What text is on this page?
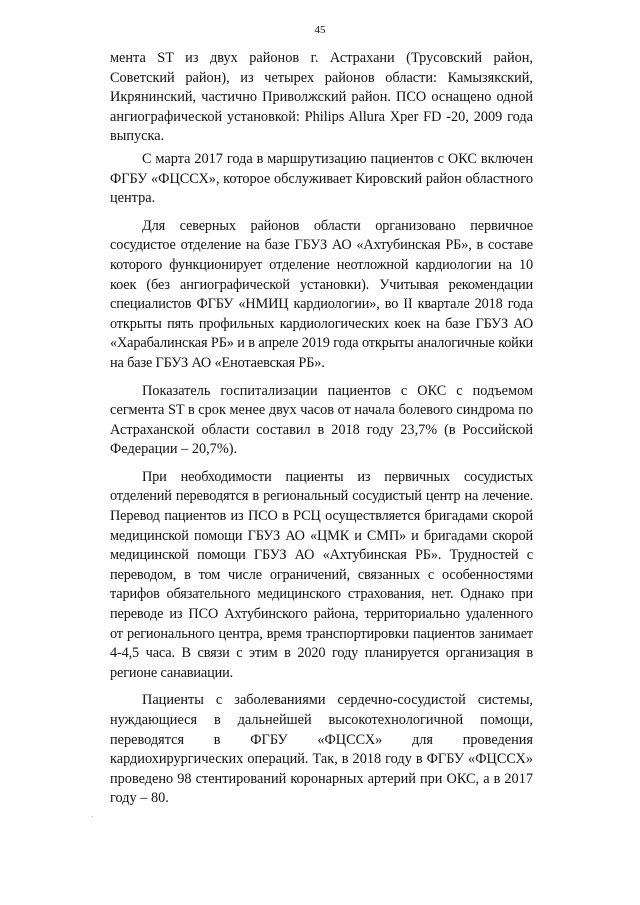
45

мента ST из двух районов г. Астрахани (Трусовский район, Советский район), из четырех районов области: Камызякский, Икрянинский, частично Приволжский район. ПСО оснащено одной ангиографической установкой: Philips Allura Xper FD -20, 2009 года выпуска.

С марта 2017 года в маршрутизацию пациентов с ОКС включен ФГБУ «ФЦССХ», которое обслуживает Кировский район областного центра.

Для северных районов области организовано первичное сосудистое отделение на базе ГБУЗ АО «Ахтубинская РБ», в составе которого функционирует отделение неотложной кардиологии на 10 коек (без ангиографической установки). Учитывая рекомендации специалистов ФГБУ «НМИЦ кардиологии», во II квартале 2018 года открыты пять профильных кардиологических коек на базе ГБУЗ АО «Харабалинская РБ» и в апреле 2019 года открыты аналогичные койки на базе ГБУЗ АО «Енотаевская РБ».

Показатель госпитализации пациентов с ОКС с подъемом сегмента ST в срок менее двух часов от начала болевого синдрома по Астраханской области составил в 2018 году 23,7% (в Российской Федерации – 20,7%).

При необходимости пациенты из первичных сосудистых отделений переводятся в региональный сосудистый центр на лечение. Перевод пациентов из ПСО в РСЦ осуществляется бригадами скорой медицинской помощи ГБУЗ АО «ЦМК и СМП» и бригадами скорой медицинской помощи ГБУЗ АО «Ахтубинская РБ». Трудностей с переводом, в том числе ограничений, связанных с особенностями тарифов обязательного медицинского страхования, нет. Однако при переводе из ПСО Ахтубинского района, территориально удаленного от регионального центра, время транспортировки пациентов занимает 4-4,5 часа. В связи с этим в 2020 году планируется организация в регионе санавиации.

Пациенты с заболеваниями сердечно-сосудистой системы, нуждающиеся в дальнейшей высокотехнологичной помощи, переводятся в ФГБУ «ФЦССХ» для проведения кардиохирургических операций. Так, в 2018 году в ФГБУ «ФЦССХ» проведено 98 стентирований коронарных артерий при ОКС, а в 2017 году – 80.
